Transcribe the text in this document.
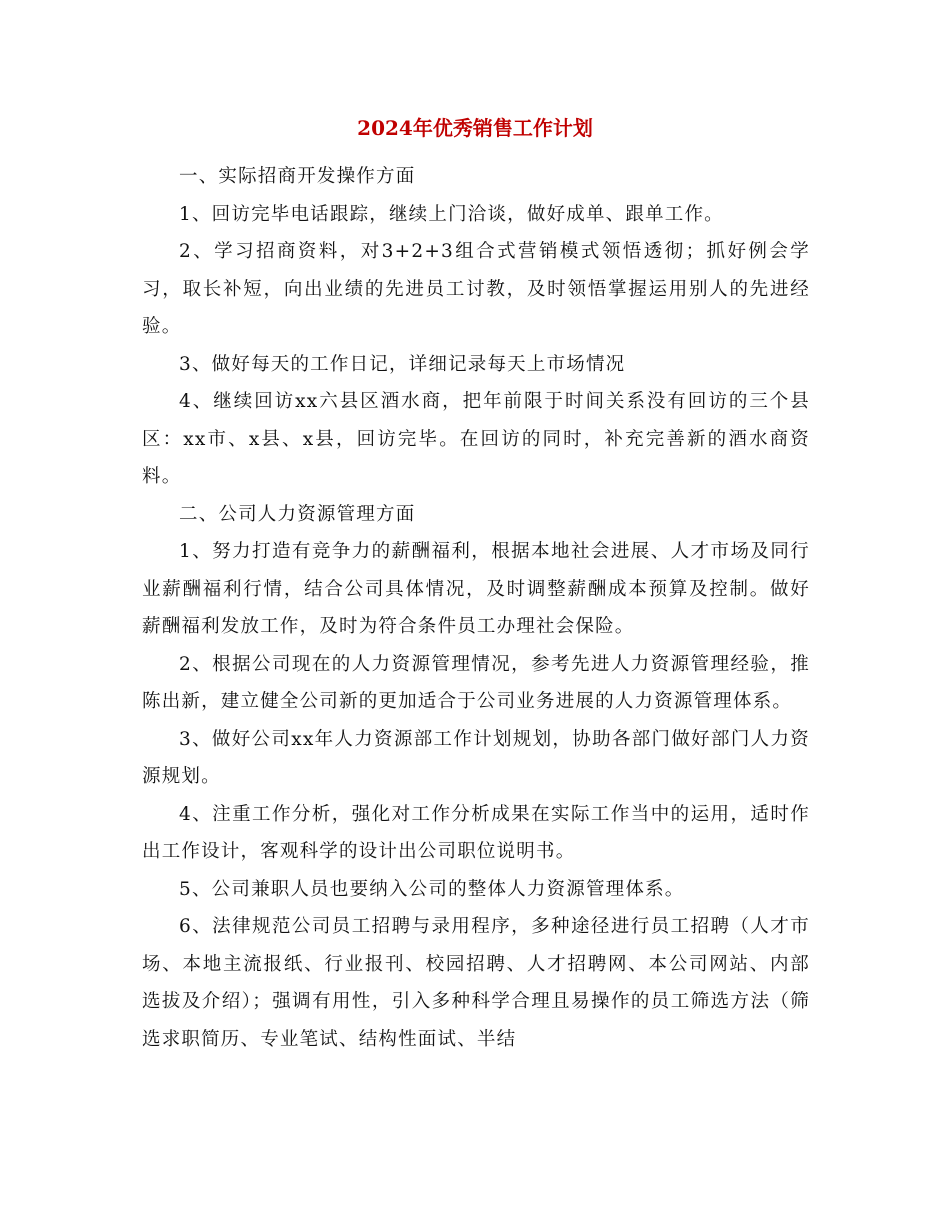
2024年优秀销售工作计划

一、实际招商开发操作方面

1、回访完毕电话跟踪，继续上门洽谈，做好成单、跟单工作。

2、学习招商资料，对3+2+3组合式营销模式领悟透彻；抓好例会学习，取长补短，向出业绩的先进员工讨教，及时领悟掌握运用别人的先进经验。

3、做好每天的工作日记，详细记录每天上市场情况

4、继续回访xx六县区酒水商，把年前限于时间关系没有回访的三个县区：xx市、x县、x县，回访完毕。在回访的同时，补充完善新的酒水商资料。

二、公司人力资源管理方面

1、努力打造有竞争力的薪酬福利，根据本地社会进展、人才市场及同行业薪酬福利行情，结合公司具体情况，及时调整薪酬成本预算及控制。做好薪酬福利发放工作，及时为符合条件员工办理社会保险。

2、根据公司现在的人力资源管理情况，参考先进人力资源管理经验，推陈出新，建立健全公司新的更加适合于公司业务进展的人力资源管理体系。

3、做好公司xx年人力资源部工作计划规划，协助各部门做好部门人力资源规划。

4、注重工作分析，强化对工作分析成果在实际工作当中的运用，适时作出工作设计，客观科学的设计出公司职位说明书。

5、公司兼职人员也要纳入公司的整体人力资源管理体系。

6、法律规范公司员工招聘与录用程序，多种途径进行员工招聘（人才市场、本地主流报纸、行业报刊、校园招聘、人才招聘网、本公司网站、内部选拔及介绍）；强调有用性，引入多种科学合理且易操作的员工筛选方法（筛选求职简历、专业笔试、结构性面试、半结
